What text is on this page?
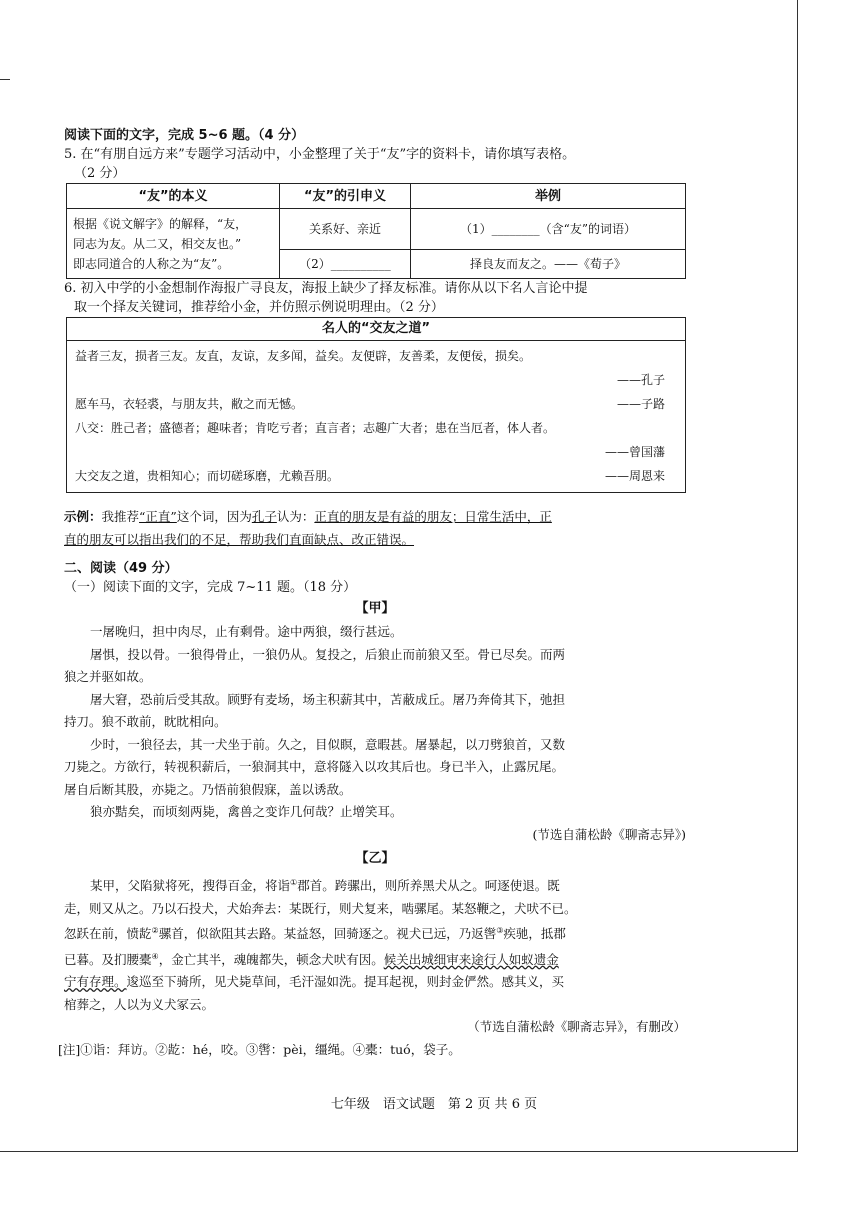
阅读下面的文字，完成 5~6 题。（4 分）
5. 在“有朋自远方来”专题学习活动中，小金整理了关于“友”字的资料卡，请你填写表格。
（2 分）
“友”的本义	“友”的引申义	举例

根据《说文解字》的解释，“友，
同志为友。从二又，相交友也。”
即志同道合的人称之为“友”。	关系好、亲近	（1）________（含“友”的词语）
	（2）__________	择良友而友之。——《荀子》
6. 初入中学的小金想制作海报广寻良友，海报上缺少了择友标准。请你从以下名人言论中提
取一个择友关键词，推荐给小金，并仿照示例说明理由。（2 分）
名人的“交友之道”
益者三友，损者三友。友直，友谅，友多闻，益矣。友便辟，友善柔，友便佞，损矣。
——孔子
愿车马，衣轻裘，与朋友共，敝之而无憾。	——子路
八交：胜己者；盛德者；趣味者；肯吃亏者；直言者；志趣广大者；患在当厄者，体人者。
——曾国藩
大交友之道，贵相知心；而切磋琢磨，尤赖吾朋。	——周恩来
示例：我推荐“正直”这个词，因为孔子认为：正直的朋友是有益的朋友；日常生活中，正
直的朋友可以指出我们的不足，帮助我们直面缺点、改正错误。
二、阅读（49 分）
（一）阅读下面的文字，完成 7~11 题。（18 分）
【甲】
一屠晚归，担中肉尽，止有剩骨。途中两狼，缀行甚远。
屠惧，投以骨。一狼得骨止，一狼仍从。复投之，后狼止而前狼又至。骨已尽矣。而两
狼之并驱如故。
屠大窘，恐前后受其敌。顾野有麦场，场主积薪其中，苫蔽成丘。屠乃奔倚其下，弛担
持刀。狼不敢前，眈眈相向。
少时，一狼径去，其一犬坐于前。久之，目似瞑，意暇甚。屠暴起，以刀劈狼首，又数
刀毙之。方欲行，转视积薪后，一狼洞其中，意将隧入以攻其后也。身已半入，止露尻尾。
屠自后断其股，亦毙之。乃悟前狼假寐，盖以诱敌。
狼亦黠矣，而顷刻两毙，禽兽之变诈几何哉？止增笑耳。
(节选自蒲松龄《聊斋志异》)
【乙】
某甲，父陷狱将死，搜得百金，将诣①郡首。跨骡出，则所养黑犬从之。呵逐使退。既
走，则又从之。乃以石投犬，犬始奔去：某既行，则犬复来，啮骡尾。某怒鞭之，犬吠不已。
忽跃在前，愤龁②骡首，似欲阻其去路。某益怒，回骑逐之。视犬已远，乃返辔③疾驰，抵郡
已暮。及扪腰橐④，金亡其半，魂魄都失，顿念犬吠有因。候关出城细审来途行人如蚁遗金
宁有存理。逡巡至下骑所，见犬毙草间，毛汗湿如洗。提耳起视，则封金俨然。感其义，买
棺葬之，人以为义犬冢云。
（节选自蒲松龄《聊斋志异》，有删改）
[注]①诣：拜访。②龁：hé，咬。③辔：pèi，缰绳。④橐：tuó，袋子。
七年级　语文试题　第 2 页 共 6 页
